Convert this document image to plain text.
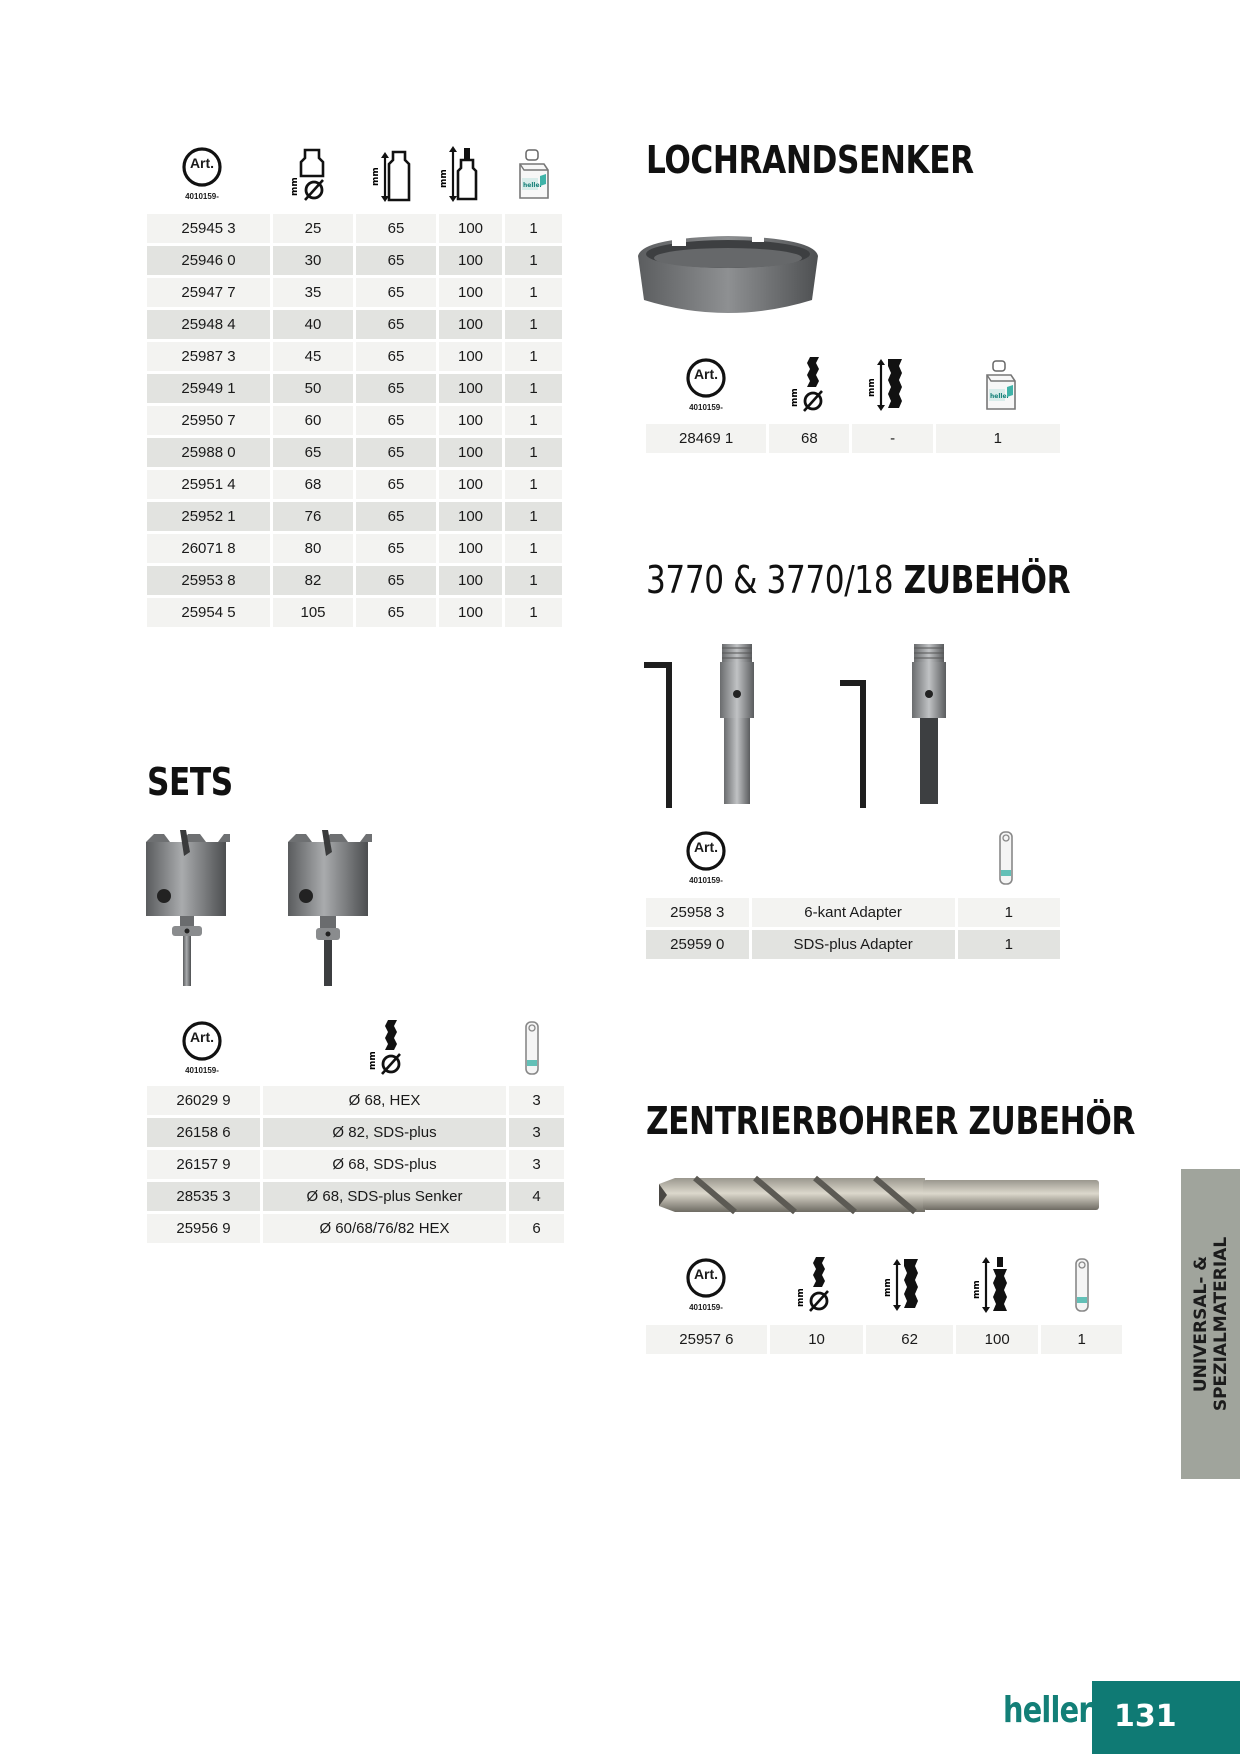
Art.
4010159-
25945 3	25	65	100	1
25946 0	30	65	100	1
25947 7	35	65	100	1
25948 4	40	65	100	1
25987 3	45	65	100	1
25949 1	50	65	100	1
25950 7	60	65	100	1
25988 0	65	65	100	1
25951 4	68	65	100	1
25952 1	76	65	100	1
26071 8	80	65	100	1
25953 8	82	65	100	1
25954 5	105	65	100	1
SETS
Art.
4010159-
26029 9	Ø 68, HEX	3
26158 6	Ø 82, SDS-plus	3
26157 9	Ø 68, SDS-plus	3
28535 3	Ø 68, SDS-plus Senker	4
25956 9	Ø 60/68/76/82 HEX	6
LOCHRANDSENKER
Art.
4010159-
28469 1	68	-	1
3770 & 3770/18 ZUBEHÖR
Art.
4010159-
25958 3	6-kant Adapter	1
25959 0	SDS-plus Adapter	1
ZENTRIERBOHRER ZUBEHÖR
Art.
4010159-
25957 6	10	62	100	1	UNIVERSAL- & SPEZIALMATERIAL
heller 131
